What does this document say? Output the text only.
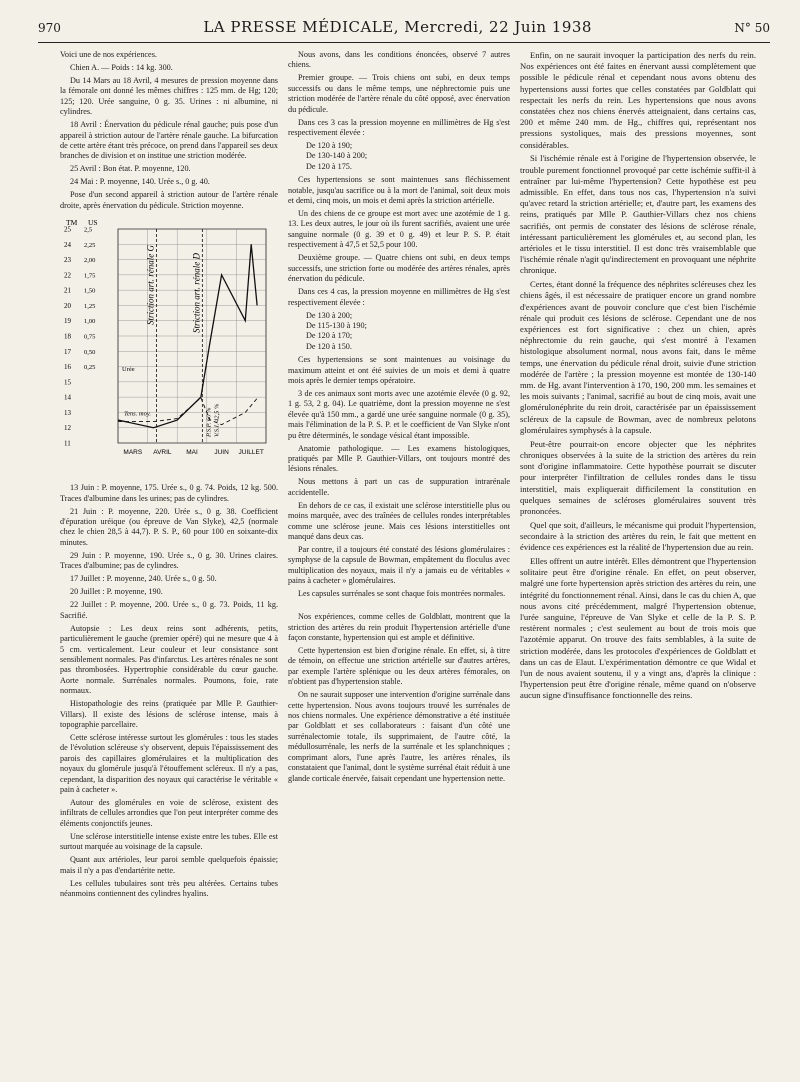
970	LA PRESSE MÉDICALE, Mercredi, 22 Juin 1938	N° 50

Voici une de nos expériences.

Chien A. — Poids : 14 kg. 300.

Du 14 Mars au 18 Avril, 4 mesures de pression moyenne dans la fémorale ont donné les mêmes chiffres : 125 mm. de Hg; 120; 125; 120. Urée sanguine, 0 g. 35. Urines : ni albumine, ni cylindres.

18 Avril : Énervation du pédicule rénal gauche; puis pose d'un appareil à striction autour de l'artère rénale gauche. La bifurcation de cette artère étant très précoce, on prend dans l'appareil ses deux branches de division et on institue une striction modérée.

25 Avril : Bon état. P. moyenne, 120.

24 Mai : P. moyenne, 140. Urée s., 0 g. 40.

Pose d'un second appareil à striction autour de l'artère rénale droite, après énervation du pédicule. Striction moyenne.

TM US
25
24
23
22
21
20
19
18
17
16
15
14
13
12
11
2,5
2,25
2,00
1,75
1,50
1,25
1,00
0,75
0,50
0,25
MARS AVRIL MAI	JUIN JUILLET
Striction art. rénale G	Striction art. rénale D
P.S.P. 60 % V.S.I. 42,5 %
Urée
Tens. moy.

13 Juin : P. moyenne, 175. Urée s., 0 g. 74. Poids, 12 kg. 500. Traces d'albumine dans les urines; pas de cylindres.

21 Juin : P. moyenne, 220. Urée s., 0 g. 38. Coefficient d'épuration uréique (ou épreuve de Van Slyke), 42,5 (normale chez le chien 28,5 à 44,7). P. S. P., 60 pour 100 en soixante-dix minutes.

29 Juin : P. moyenne, 190. Urée s., 0 g. 30. Urines claires. Traces d'albumine; pas de cylindres.

17 Juillet : P. moyenne, 240. Urée s., 0 g. 50.

20 Juillet : P. moyenne, 190.

22 Juillet : P. moyenne, 200. Urée s., 0 g. 73. Poids, 11 kg. Sacrifié.

Autopsie : Les deux reins sont adhérents, petits, particulièrement le gauche (premier opéré) qui ne mesure que 4 à 5 cm. verticalement. Leur couleur et leur consistance sont sensiblement normales. Pas d'infarctus. Les artères rénales ne sont pas thrombosées. Hypertrophie considérable du cœur gauche. Aorte normale. Surrénales normales. Poumons, foie, rate normaux.

Histopathologie des reins (pratiquée par Mlle P. Gauthier-Villars). Il existe des lésions de sclérose intense, mais à topographie parcellaire.

Cette sclérose intéresse surtout les glomérules : tous les stades de l'évolution scléreuse s'y observent, depuis l'épaississement des parois des capillaires glomérulaires et la multiplication des noyaux du glomérule jusqu'à l'étouffement scléreux. Il n'y a pas, cependant, la disparition des noyaux qui caractérise le véritable « pain à cacheter ».

Autour des glomérules en voie de sclérose, existent des infiltrats de cellules arrondies que l'on peut interpréter comme des éléments conjonctifs jeunes.

Une sclérose interstitielle intense existe entre les tubes. Elle est surtout marquée au voisinage de la capsule.

Quant aux artérioles, leur paroi semble quelquefois épaissie; mais il n'y a pas d'endartérite nette.

Les cellules tubulaires sont très peu altérées. Certains tubes néanmoins contiennent des cylindres hyalins.

Nous avons, dans les conditions énoncées, observé 7 autres chiens.

Premier groupe. — Trois chiens ont subi, en deux temps successifs ou dans le même temps, une néphrectomie puis une striction modérée de l'artère rénale du côté opposé, avec énervation du pédicule.

Dans ces 3 cas la pression moyenne en millimètres de Hg s'est respectivement élevée :

De 120 à 190;
De 130-140 à 200;
De 120 à 175.

Ces hypertensions se sont maintenues sans fléchissement notable, jusqu'au sacrifice ou à la mort de l'animal, soit deux mois et demi, cinq mois, un mois et demi après la striction artérielle.

Un des chiens de ce groupe est mort avec une azotémie de 1 g. 13. Les deux autres, le jour où ils furent sacrifiés, avaient une urée sanguine normale (0 g. 39 et 0 g. 49) et leur P. S. P. était respectivement à 47,5 et 52,5 pour 100.

Deuxième groupe. — Quatre chiens ont subi, en deux temps successifs, une striction forte ou modérée des artères rénales, après énervation du pédicule.

Dans ces 4 cas, la pression moyenne en millimètres de Hg s'est respectivement élevée :

De 130 à 200;
De 115-130 à 190;
De 120 à 170;
De 120 à 150.

Ces hypertensions se sont maintenues au voisinage du maximum atteint et ont été suivies de un mois et demi à quatre mois après le dernier temps opératoire.

3 de ces animaux sont morts avec une azotémie élevée (0 g. 92, 1 g. 53, 2 g. 04). Le quatrième, dont la pression moyenne ne s'est élevée qu'à 150 mm., a gardé une urée sanguine normale (0 g. 35), mais l'élimination de la P. S. P. et le coefficient de Van Slyke n'ont pu être déterminés, le sondage vésical étant impossible.

Anatomie pathologique. — Les examens histologiques, pratiqués par Mlle P. Gauthier-Villars, ont toujours montré des lésions rénales.

Nous mettons à part un cas de suppuration intrarénale accidentelle.

En dehors de ce cas, il existait une sclérose interstitielle plus ou moins marquée, avec des traînées de cellules rondes interprétables comme une sclérose jeune. Mais ces lésions interstitielles ont manqué dans deux cas.

Par contre, il a toujours été constaté des lésions glomérulaires : symphyse de la capsule de Bowman, empâtement du floculus avec multiplication des noyaux, mais il n'y a jamais eu de véritables « pains à cacheter » glomérulaires.

Les capsules surrénales se sont chaque fois montrées normales.

Nos expériences, comme celles de Goldblatt, montrent que la striction des artères du rein produit l'hypertension artérielle d'une façon constante, hypertension qui est ample et définitive.

Cette hypertension est bien d'origine rénale. En effet, si, à titre de témoin, on effectue une striction artérielle sur d'autres artères, par exemple l'artère splénique ou les deux artères fémorales, on n'obtient pas d'hypertension stable.

On ne saurait supposer une intervention d'origine surrénale dans cette hypertension. Nous avons toujours trouvé les surrénales de nos chiens normales. Une expérience démonstrative a été instituée par Goldblatt et ses collaborateurs : faisant d'un côté une surrénalectomie totale, ils supprimaient, de l'autre côté, la médullosurrénale, les nerfs de la surrénale et les splanchniques ; comprimant alors, l'une après l'autre, les artères rénales, ils constataient que l'animal, dont le système surrénal était réduit à une glande corticale énervée, faisait cependant une hypertension nette.

Enfin, on ne saurait invoquer la participation des nerfs du rein. Nos expériences ont été faites en énervant aussi complètement que possible le pédicule rénal et cependant nous avons obtenu des hypertensions aussi fortes que celles constatées par Goldblatt qui respectait les nerfs du rein. Les hypertensions que nous avons constatées chez nos chiens énervés atteignaient, dans certains cas, 200 et même 240 mm. de Hg., chiffres qui, représentant nos pressions systoliques, mais des pressions moyennes, sont considérables.

Si l'ischémie rénale est à l'origine de l'hypertension observée, le trouble purement fonctionnel provoqué par cette ischémie suffit-il à entraîner par lui-même l'hypertension? Cette hypothèse est peu admissible. En effet, dans tous nos cas, l'hypertension n'a suivi qu'avec retard la striction artérielle; et, d'autre part, les examens des reins, pratiqués par Mlle P. Gauthier-Villars chez nos chiens sacrifiés, ont permis de constater des lésions de sclérose rénale, intéressant particulièrement les glomérules et, au second plan, les artérioles et le tissu interstitiel. Il est donc très vraisemblable que l'ischémie rénale n'agit qu'indirectement en provoquant une néphrite chronique.

Certes, étant donné la fréquence des néphrites scléreuses chez les chiens âgés, il est nécessaire de pratiquer encore un grand nombre d'expériences avant de pouvoir conclure que c'est bien l'ischémie rénale qui produit ces lésions de sclérose. Cependant une de nos expériences est fort significative : chez un chien, après néphrectomie du rein gauche, qui s'est montré à l'examen histologique absolument normal, nous avons fait, dans le même temps, une énervation du pédicule rénal droit, suivie d'une striction modérée de l'artère ; la pression moyenne est montée de 130-140 mm. de Hg. avant l'intervention à 170, 190, 200 mm. les semaines et les mois suivants ; l'animal, sacrifié au bout de cinq mois, avait une glomérulonéphrite du rein droit, caractérisée par un épaississement scléreux de la capsule de Bowman, avec de nombreux pelotons glomérulaires symphysés à la capsule.

Peut-être pourrait-on encore objecter que les néphrites chroniques observées à la suite de la striction des artères du rein sont d'origine inflammatoire. Cette hypothèse pourrait se discuter pour interpréter l'infiltration de cellules rondes dans le tissu interstitiel, mais expliquerait difficilement la constitution en quelques semaines de scléroses glomérulaires souvent très prononcées.

Quel que soit, d'ailleurs, le mécanisme qui produit l'hypertension, secondaire à la striction des artères du rein, le fait que mettent en évidence ces expériences est la réalité de l'hypertension due au rein.

Elles offrent un autre intérêt. Elles démontrent que l'hypertension solitaire peut être d'origine rénale. En effet, on peut observer, malgré une forte hypertension après striction des artères du rein, une intégrité du fonctionnement rénal. Ainsi, dans le cas du chien A, que nous avons cité précédemment, malgré l'hypertension obtenue, l'urée sanguine, l'épreuve de Van Slyke et celle de la P. S. P. restèrent normales ; c'est seulement au bout de trois mois que l'azotémie apparut. On trouve des faits semblables, à la suite de striction modérée, dans les protocoles d'expériences de Goldblatt et dans un cas de Elaut. L'expérimentation démontre ce que Widal et l'un de nous avaient soutenu, il y a vingt ans, d'après la clinique : l'hypertension peut être d'origine rénale, même quand on n'observe aucun signe d'insuffisance fonctionnelle des reins.
